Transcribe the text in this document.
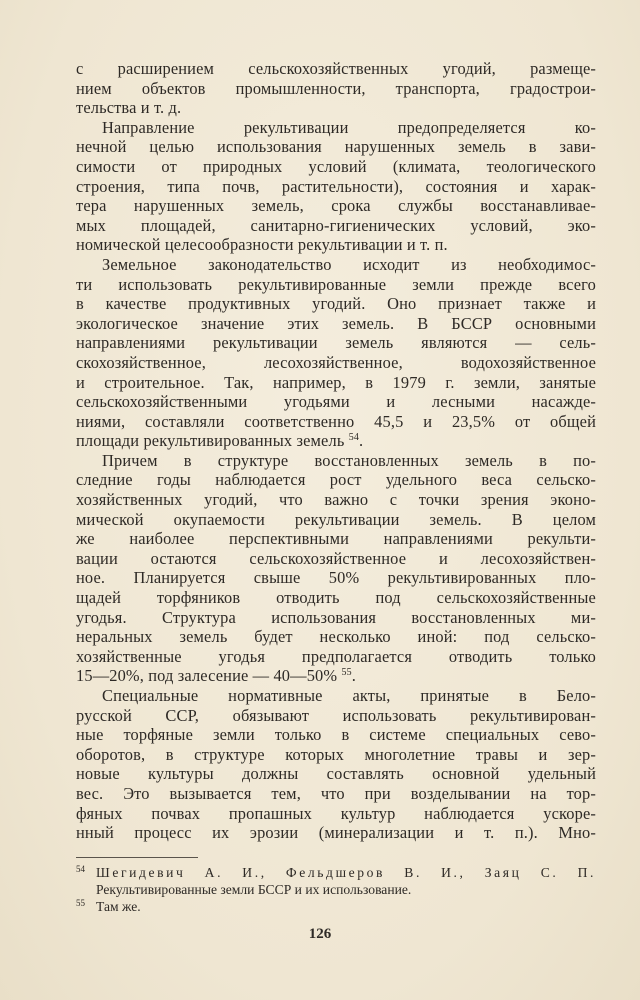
с расширением сельскохозяйственных угодий, размеще-
нием объектов промышленности, транспорта, градострои-
тельства и т. д.
Направление рекультивации предопределяется ко-
нечной целью использования нарушенных земель в зави-
симости от природных условий (климата, теологического
строения, типа почв, растительности), состояния и харак-
тера нарушенных земель, срока службы восстанавливае-
мых площадей, санитарно-гигиенических условий, эко-
номической целесообразности рекультивации и т. п.
Земельное законодательство исходит из необходимос-
ти использовать рекультивированные земли прежде всего
в качестве продуктивных угодий. Оно признает также и
экологическое значение этих земель. В БССР основными
направлениями рекультивации земель являются — сель-
скохозяйственное, лесохозяйственное, водохозяйственное
и строительное. Так, например, в 1979 г. земли, занятые
сельскохозяйственными угодьями и лесными насажде-
ниями, составляли соответственно 45,5 и 23,5% от общей
площади рекультивированных земель $^{54}$.
Причем в структуре восстановленных земель в по-
следние годы наблюдается рост удельного веса сельско-
хозяйственных угодий, что важно с точки зрения эконо-
мической окупаемости рекультивации земель. В целом
же наиболее перспективными направлениями рекульти-
вации остаются сельскохозяйственное и лесохозяйствен-
ное. Планируется свыше 50% рекультивированных пло-
щадей торфяников отводить под сельскохозяйственные
угодья. Структура использования восстановленных ми-
неральных земель будет несколько иной: под сельско-
хозяйственные угодья предполагается отводить только
15—20%, под залесение — 40—50% $^{55}$.
Специальные нормативные акты, принятые в Бело-
русской ССР, обязывают использовать рекультивирован-
ные торфяные земли только в системе специальных сево-
оборотов, в структуре которых многолетние травы и зер-
новые культуры должны составлять основной удельный
вес. Это вызывается тем, что при возделывании на тор-
фяных почвах пропашных культур наблюдается ускоре-
нный процесс их эрозии (минерализации и т. п.). Мно-
54 Шегидевич А. И., Фельдшеров В. И., Заяц С. П.
Рекультивированные земли БССР и их использование.
55 Там же.
126
